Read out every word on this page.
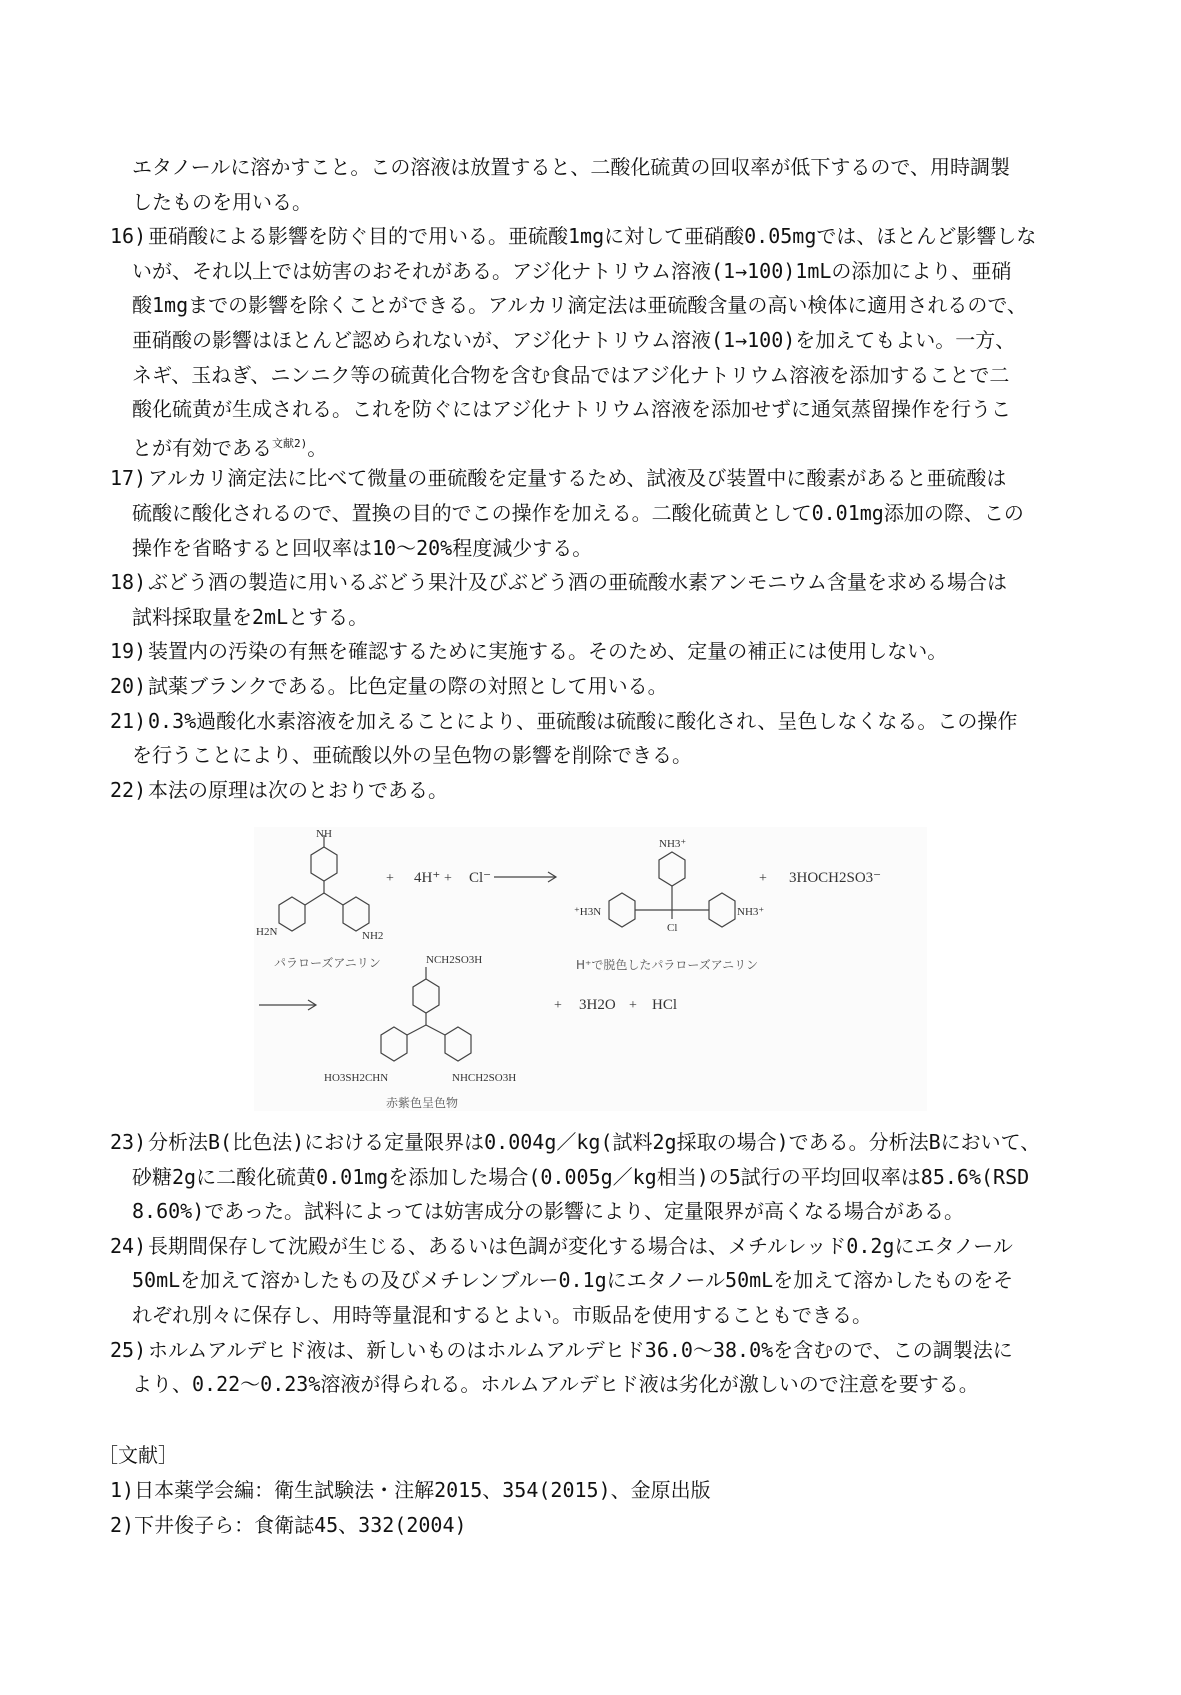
エタノールに溶かすこと。この溶液は放置すると、二酸化硫黄の回収率が低下するので、用時調製
したものを用いる。
16) 亜硝酸による影響を防ぐ目的で用いる。亜硫酸1mgに対して亜硝酸0.05mgでは、ほとんど影響しな
いが、それ以上では妨害のおそれがある。アジ化ナトリウム溶液(1→100)1mLの添加により、亜硝
酸1mgまでの影響を除くことができる。アルカリ滴定法は亜硫酸含量の高い検体に適用されるので、
亜硝酸の影響はほとんど認められないが、アジ化ナトリウム溶液(1→100)を加えてもよい。一方、
ネギ、玉ねぎ、ニンニク等の硫黄化合物を含む食品ではアジ化ナトリウム溶液を添加することで二
酸化硫黄が生成される。これを防ぐにはアジ化ナトリウム溶液を添加せずに通気蒸留操作を行うこ
とが有効である$^{文献2)}$。
17) アルカリ滴定法に比べて微量の亜硫酸を定量するため、試液及び装置中に酸素があると亜硫酸は
硫酸に酸化されるので、置換の目的でこの操作を加える。二酸化硫黄として0.01mg添加の際、この
操作を省略すると回収率は10～20%程度減少する。
18) ぶどう酒の製造に用いるぶどう果汁及びぶどう酒の亜硫酸水素アンモニウム含量を求める場合は
試料採取量を2mLとする。
19) 装置内の汚染の有無を確認するために実施する。そのため、定量の補正には使用しない。
20) 試薬ブランクである。比色定量の際の対照として用いる。
21) 0.3%過酸化水素溶液を加えることにより、亜硫酸は硫酸に酸化され、呈色しなくなる。この操作
を行うことにより、亜硫酸以外の呈色物の影響を削除できる。
22) 本法の原理は次のとおりである。
23) 分析法B(比色法)における定量限界は0.004g／kg(試料2g採取の場合)である。分析法Bにおいて、
砂糖2gに二酸化硫黄0.01mgを添加した場合(0.005g／kg相当)の5試行の平均回収率は85.6%(RSD
8.60%)であった。試料によっては妨害成分の影響により、定量限界が高くなる場合がある。
24) 長期間保存して沈殿が生じる、あるいは色調が変化する場合は、メチルレッド0.2gにエタノール
50mLを加えて溶かしたもの及びメチレンブルー0.1gにエタノール50mLを加えて溶かしたものをそ
れぞれ別々に保存し、用時等量混和するとよい。市販品を使用することもできる。
25) ホルムアルデヒド液は、新しいものはホルムアルデヒド36.0～38.0%を含むので、この調製法に
より、0.22～0.23%溶液が得られる。ホルムアルデヒド液は劣化が激しいので注意を要する。
NH
H2N	NH2
パラローズアニリン
+ 4H⁺ + Cl⁻
NH3⁺
⁺H3N	NH3⁺
Cl
H⁺で脱色したパラローズアニリン
+ 3HOCH2SO3⁻
NCH2SO3H
HO3SH2CHN	NHCH2SO3H
赤紫色呈色物
+ 3H2O + HCl
［文献］
1)日本薬学会編：衛生試験法・注解2015、354(2015)、金原出版
2)下井俊子ら：食衛誌45、332(2004)
